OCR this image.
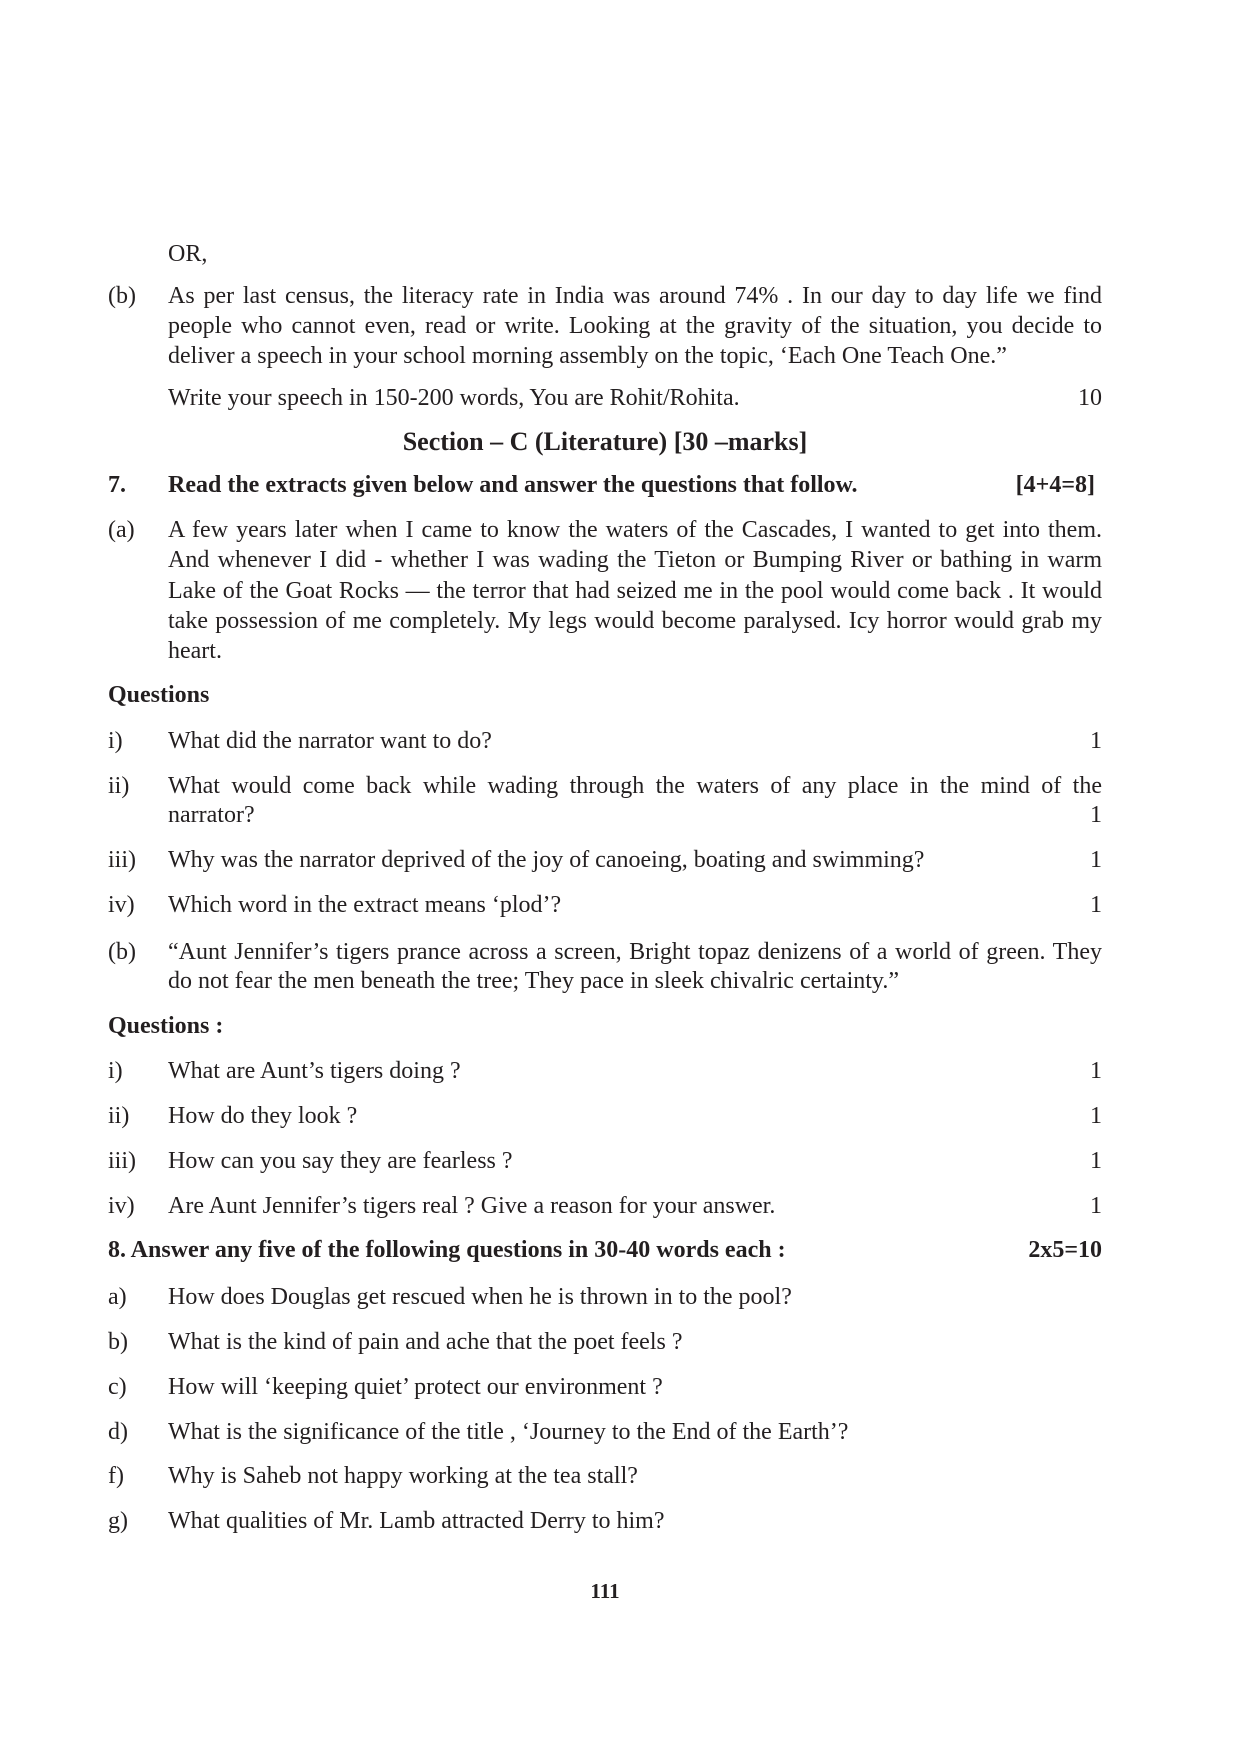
OR,
(b) As per last census, the literacy rate in India was around 74% . In our day to day life we find
people who cannot even, read or write. Looking at the gravity of the situation, you decide to
deliver a speech in your school morning assembly on the topic, ‘Each One Teach One.”
Write your speech in 150-200 words, You are Rohit/Rohita.	10
Section – C (Literature) [30 –marks]
7. Read the extracts given below and answer the questions that follow.	[4+4=8]
(a) A few years later when I came to know the waters of the Cascades, I wanted to get into them.
And whenever I did - whether I was wading the Tieton or Bumping River or bathing in warm
Lake of the Goat Rocks — the terror that had seized me in the pool would come back . It would
take possession of me completely. My legs would become paralysed. Icy horror would grab my
heart.
Questions
i) What did the narrator want to do?	1
ii) What would come back while wading through the waters of any place in the mind of the
narrator?	1
iii) Why was the narrator deprived of the joy of canoeing, boating and swimming?	1
iv) Which word in the extract means ‘plod’?	1
(b) “Aunt Jennifer’s tigers prance across a screen, Bright topaz denizens of a world of green. They
do not fear the men beneath the tree; They pace in sleek chivalric certainty.”
Questions :
i) What are Aunt’s tigers doing ?	1
ii) How do they look ?	1
iii) How can you say they are fearless ?	1
iv) Are Aunt Jennifer’s tigers real ? Give a reason for your answer.	1
8. Answer any five of the following questions in 30-40 words each :	2x5=10
a) How does Douglas get rescued when he is thrown in to the pool?
b) What is the kind of pain and ache that the poet feels ?
c) How will ‘keeping quiet’ protect our environment ?
d) What is the significance of the title , ‘Journey to the End of the Earth’?
f) Why is Saheb not happy working at the tea stall?
g) What qualities of Mr. Lamb attracted Derry to him?
111
